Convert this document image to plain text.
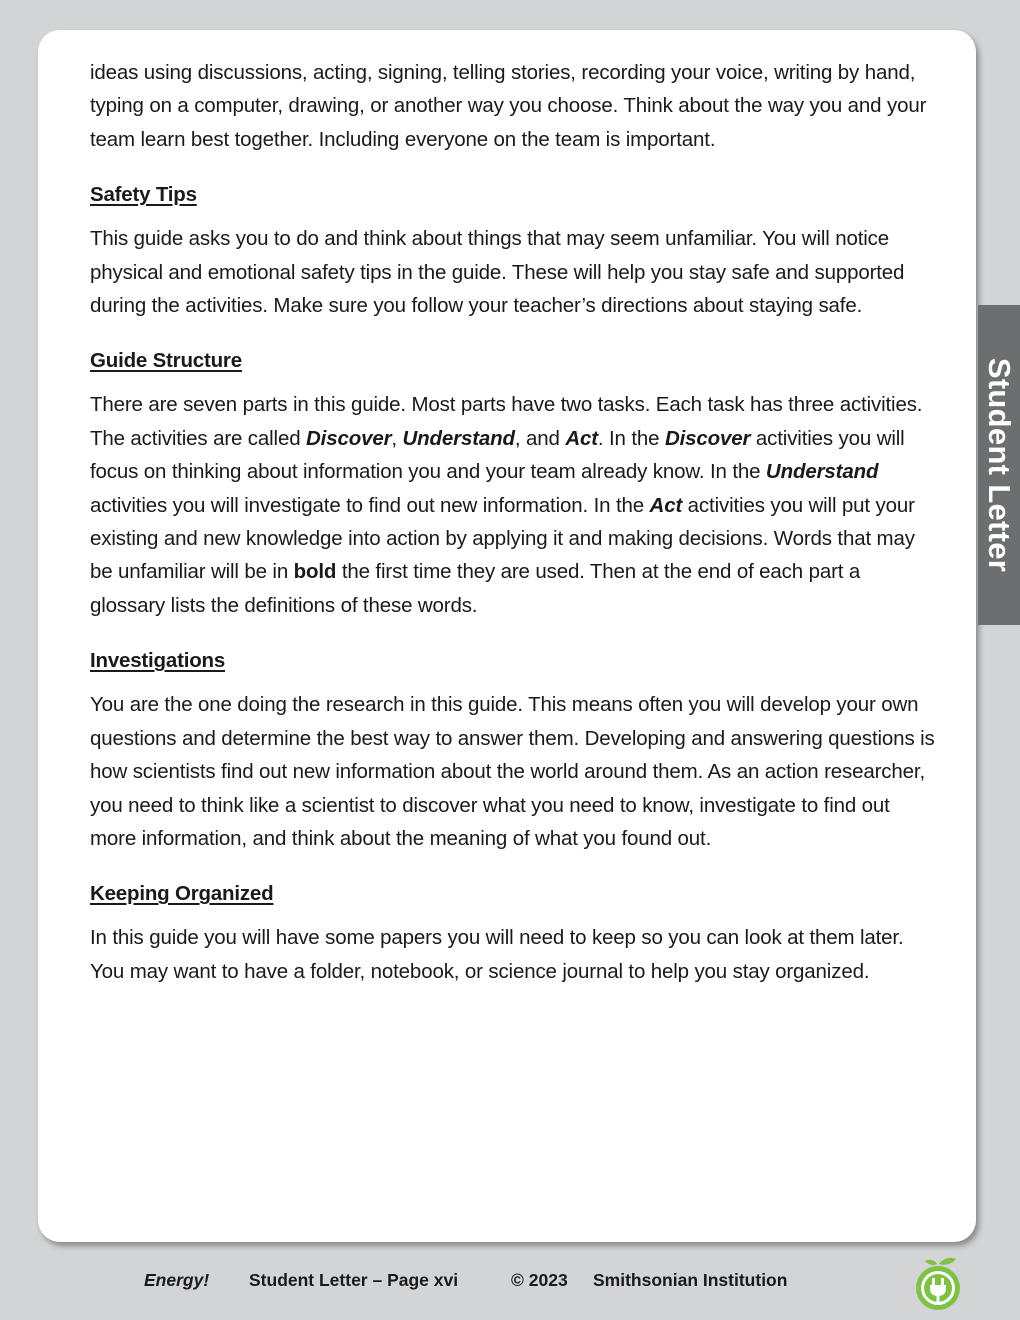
ideas using discussions, acting, signing, telling stories, recording your voice, writing by hand, typing on a computer, drawing, or another way you choose. Think about the way you and your team learn best together. Including everyone on the team is important.

Safety Tips

This guide asks you to do and think about things that may seem unfamiliar. You will notice physical and emotional safety tips in the guide. These will help you stay safe and supported during the activities. Make sure you follow your teacher’s directions about staying safe.

Guide Structure

There are seven parts in this guide. Most parts have two tasks. Each task has three activities. The activities are called Discover, Understand, and Act. In the Discover activities you will focus on thinking about information you and your team already know. In the Understand activities you will investigate to find out new information. In the Act activities you will put your existing and new knowledge into action by applying it and making decisions. Words that may be unfamiliar will be in bold the first time they are used. Then at the end of each part a glossary lists the definitions of these words.

Investigations

You are the one doing the research in this guide. This means often you will develop your own questions and determine the best way to answer them. Developing and answering questions is how scientists find out new information about the world around them. As an action researcher, you need to think like a scientist to discover what you need to know, investigate to find out more information, and think about the meaning of what you found out.

Keeping Organized

In this guide you will have some papers you will need to keep so you can look at them later. You may want to have a folder, notebook, or science journal to help you stay organized.

Student Letter
Energy! Student Letter – Page xvi	© 2023 Smithsonian Institution
